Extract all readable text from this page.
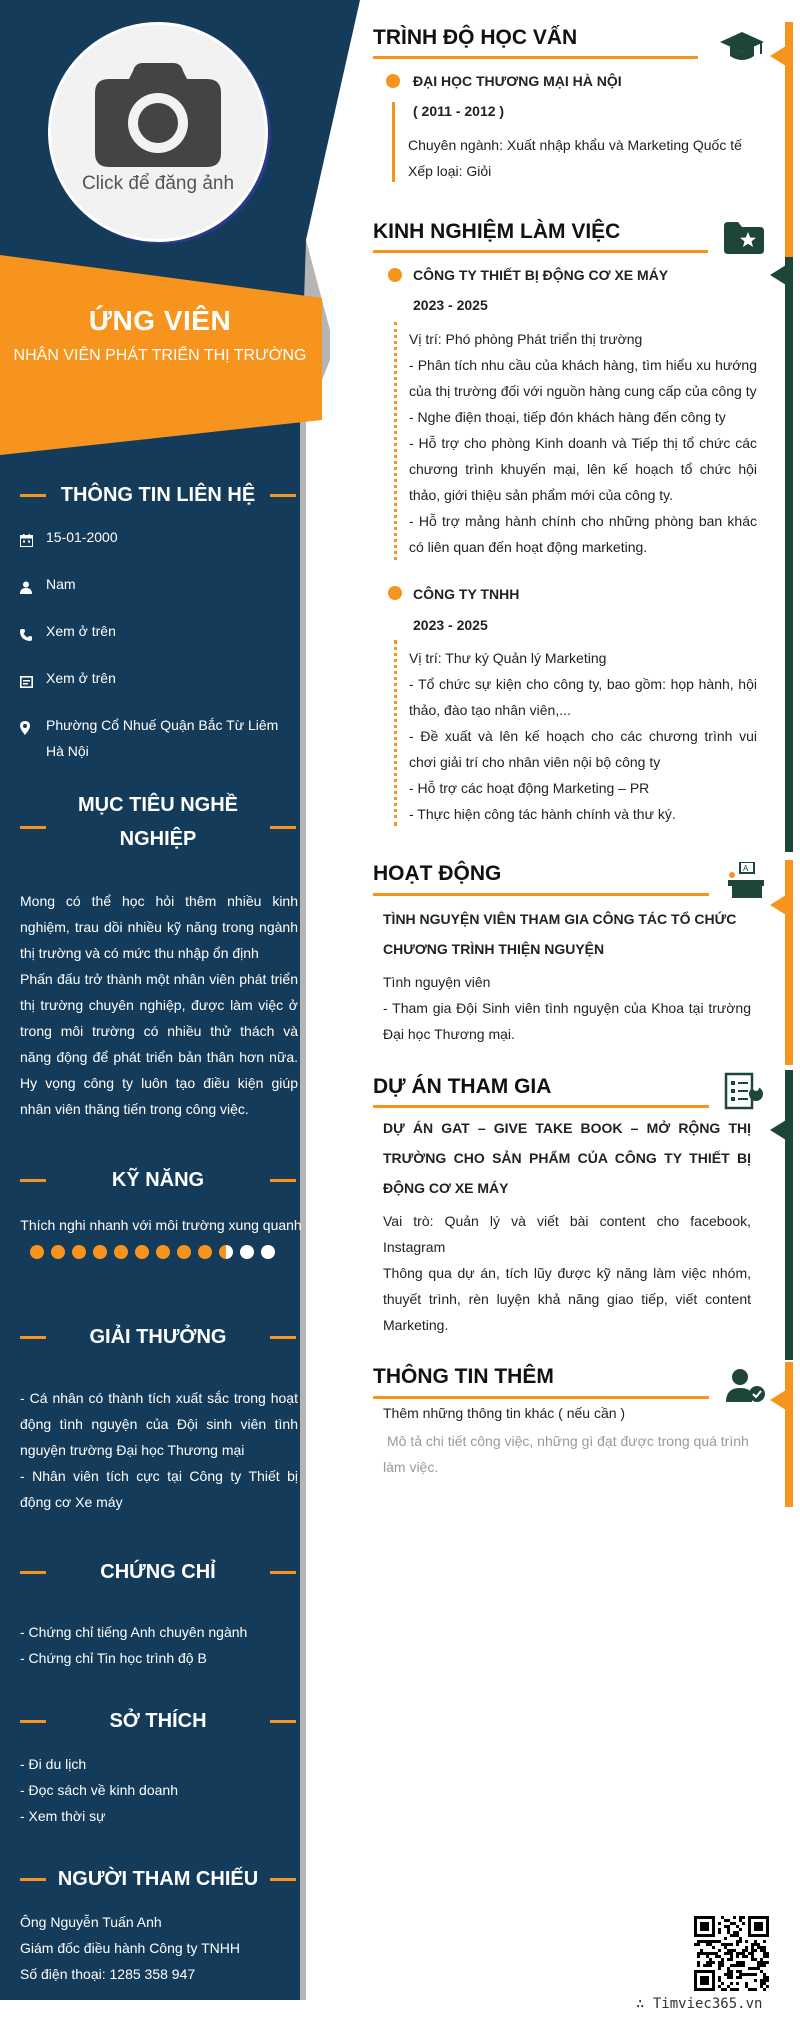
Click để đăng ảnh
ỨNG VIÊN
NHÂN VIÊN PHÁT TRIỂN THỊ TRƯỜNG
THÔNG TIN LIÊN HỆ
15-01-2000
Nam
Xem ở trên
Xem ở trên
Phường Cổ Nhuế Quận Bắc Từ Liêm Hà Nội
MỤC TIÊU NGHỀ
NGHIỆP
Mong có thể học hỏi thêm nhiều kinh nghiệm, trau dồi nhiều kỹ năng trong ngành thị trường và có mức thu nhập ổn định
Phấn đấu trở thành một nhân viên phát triển thị trường chuyên nghiệp, được làm việc ở trong môi trường có nhiều thử thách và năng động để phát triển bản thân hơn nữa. Hy vọng công ty luôn tạo điều kiện giúp nhân viên thăng tiến trong công việc.
KỸ NĂNG
Thích nghi nhanh với môi trường xung quanh
GIẢI THƯỞNG
- Cá nhân có thành tích xuất sắc trong hoạt động tình nguyện của Đội sinh viên tình nguyện trường Đại học Thương mại
- Nhân viên tích cực tại Công ty Thiết bị động cơ Xe máy
CHỨNG CHỈ
- Chứng chỉ tiếng Anh chuyên ngành
- Chứng chỉ Tin học trình độ B
SỞ THÍCH
- Đi du lịch
- Đọc sách về kinh doanh
- Xem thời sự
NGƯỜI THAM CHIẾU
Ông Nguyễn Tuấn Anh
Giám đốc điều hành Công ty TNHH
Số điện thoại: 1285 358 947
TRÌNH ĐỘ HỌC VẤN
ĐẠI HỌC THƯƠNG MẠI HÀ NỘI
( 2011 - 2012 )
Chuyên ngành: Xuất nhập khẩu và Marketing Quốc tế
Xếp loại: Giỏi
KINH NGHIỆM LÀM VIỆC
CÔNG TY THIẾT BỊ ĐỘNG CƠ XE MÁY
2023 - 2025
Vị trí: Phó phòng Phát triển thị trường
- Phân tích nhu cầu của khách hàng, tìm hiểu xu hướng của thị trường đối với nguồn hàng cung cấp của công ty
- Nghe điện thoại, tiếp đón khách hàng đến công ty
- Hỗ trợ cho phòng Kinh doanh và Tiếp thị tổ chức các chương trình khuyến mại, lên kế hoạch tổ chức hội thảo, giới thiệu sản phẩm mới của công ty.
- Hỗ trợ mảng hành chính cho những phòng ban khác có liên quan đến hoạt động marketing.
CÔNG TY TNHH
2023 - 2025
Vị trí: Thư ký Quản lý Marketing
- Tổ chức sự kiện cho công ty, bao gồm: họp hành, hội thảo, đào tạo nhân viên,...
- Đề xuất và lên kế hoạch cho các chương trình vui chơi giải trí cho nhân viên nội bộ công ty
- Hỗ trợ các hoạt động Marketing – PR
- Thực hiện công tác hành chính và thư ký.
HOẠT ĐỘNG	A
TÌNH NGUYỆN VIÊN THAM GIA CÔNG TÁC TỔ CHỨC CHƯƠNG TRÌNH THIỆN NGUYỆN
Tình nguyện viên
- Tham gia Đội Sinh viên tình nguyện của Khoa tại trường Đại học Thương mại.
DỰ ÁN THAM GIA
DỰ ÁN GAT – GIVE TAKE BOOK – MỞ RỘNG THỊ TRƯỜNG CHO SẢN PHẨM CỦA CÔNG TY THIẾT BỊ ĐỘNG CƠ XE MÁY
Vai trò: Quản lý và viết bài content cho facebook, Instagram
Thông qua dự án, tích lũy được kỹ năng làm việc nhóm, thuyết trình, rèn luyện khả năng giao tiếp, viết content Marketing.
THÔNG TIN THÊM
Thêm những thông tin khác ( nếu cần )
Mô tả chi tiết công việc, những gì đạt được trong quá trình làm việc.
∴ Timviec365.vn
